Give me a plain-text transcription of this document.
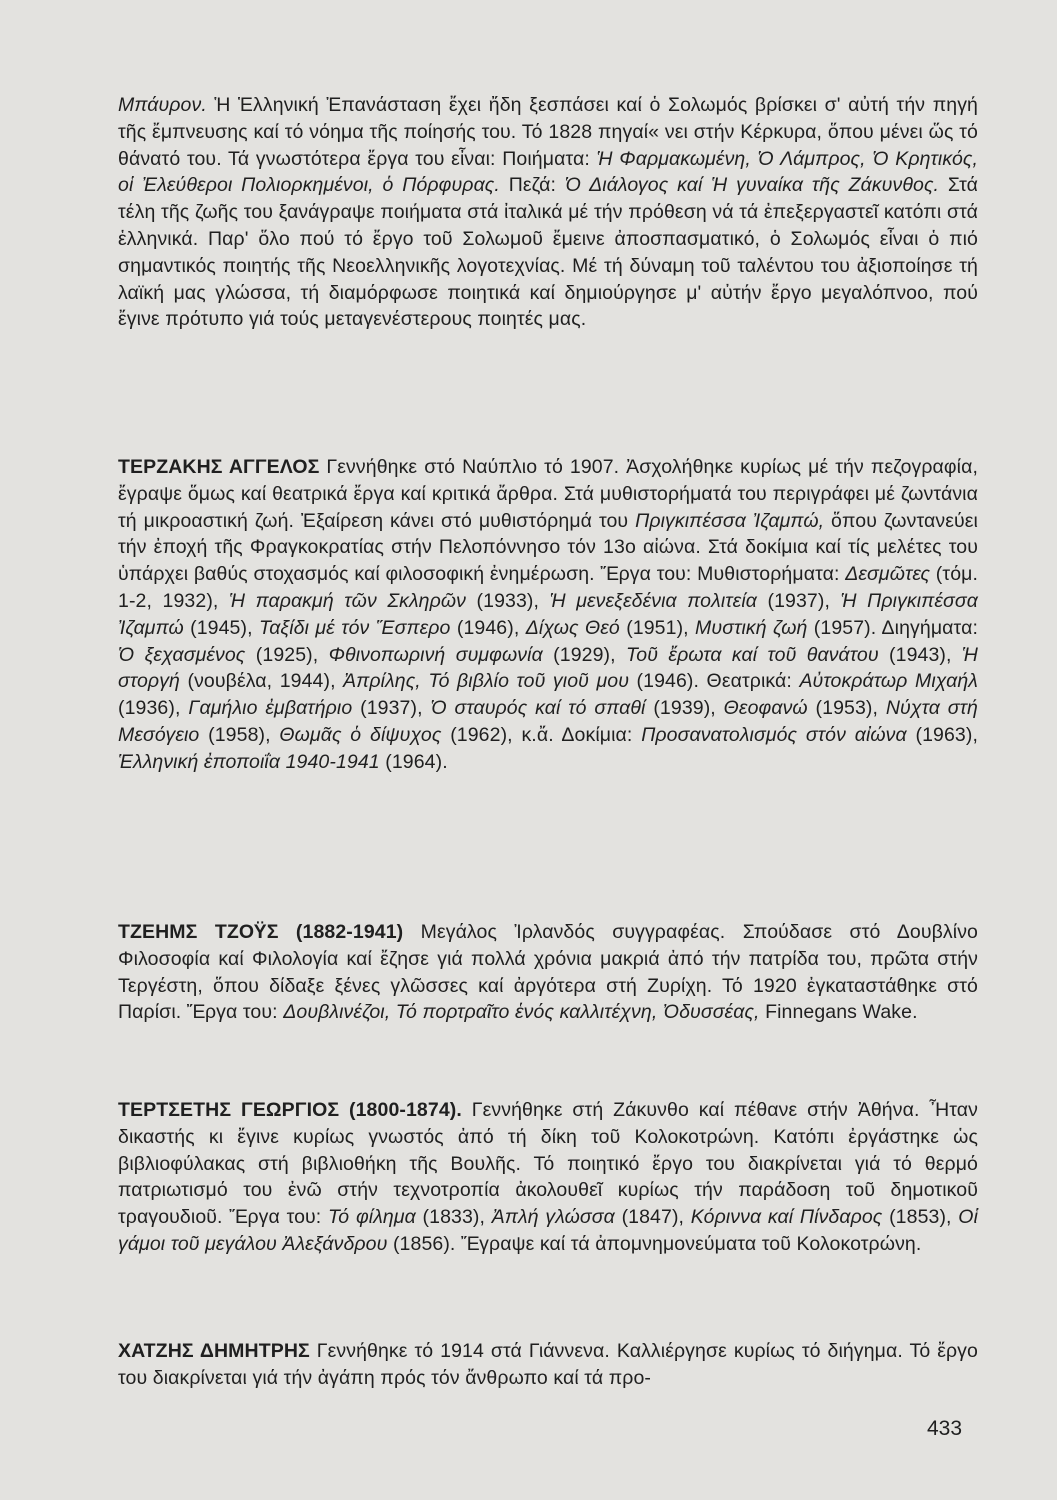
Μπάυρον. Ἡ Ἑλληνική Ἐπανάσταση ἔχει ἤδη ξεσπάσει καί ὁ Σολωμός βρίσκει σ' αὐτή τήν πηγή τῆς ἔμπνευσης καί τό νόημα τῆς ποίησής του. Τό 1828 πηγαί« νει στήν Κέρκυρα, ὅπου μένει ὥς τό θάνατό του. Τά γνωστότερα ἔργα του εἶναι: Ποιήματα: Ἡ Φαρμακωμένη, Ὁ Λάμπρος, Ὁ Κρητικός, οἱ Ἐλεύθεροι Πολιορκημένοι, ὁ Πόρφυρας. Πεζά: Ὁ Διάλογος καί Ἡ γυναίκα τῆς Ζάκυνθος. Στά τέλη τῆς ζωῆς του ξανάγραψε ποιήματα στά ἰταλικά μέ τήν πρόθεση νά τά ἐπεξεργαστεῖ κατόπι στά ἑλληνικά. Παρ' ὅλο πού τό ἔργο τοῦ Σολωμοῦ ἔμεινε ἀποσπασματικό, ὁ Σολωμός εἶναι ὁ πιό σημαντικός ποιητής τῆς Νεοελληνικῆς λογοτεχνίας. Μέ τή δύναμη τοῦ ταλέντου του ἀξιοποίησε τή λαϊκή μας γλώσσα, τή διαμόρφωσε ποιητικά καί δημιούργησε μ' αὐτήν ἔργο μεγαλόπνοο, πού ἔγινε πρότυπο γιά τούς μεταγενέστερους ποιητές μας.
ΤΕΡΖΑΚΗΣ ΑΓΓΕΛΟΣ Γεννήθηκε στό Ναύπλιο τό 1907. Ἀσχολήθηκε κυρίως μέ τήν πεζογραφία, ἔγραψε ὅμως καί θεατρικά ἔργα καί κριτικά ἄρθρα. Στά μυθιστορήματά του περιγράφει μέ ζωντάνια τή μικροαστική ζωή. Ἐξαίρεση κάνει στό μυθιστόρημά του Πριγκιπέσσα Ἰζαμπώ, ὅπου ζωντανεύει τήν ἐποχή τῆς Φραγκοκρατίας στήν Πελοπόννησο τόν 13ο αἰώνα. Στά δοκίμια καί τίς μελέτες του ὑπάρχει βαθύς στοχασμός καί φιλοσοφική ἐνημέρωση. Ἔργα του: Μυθιστορήματα: Δεσμῶτες (τόμ. 1-2, 1932), Ἡ παρακμή τῶν Σκληρῶν (1933), Ἡ μενεξεδένια πολιτεία (1937), Ἡ Πριγκιπέσσα Ἰζαμπώ (1945), Ταξίδι μέ τόν Ἕσπερο (1946), Δίχως Θεό (1951), Μυστική ζωή (1957). Διηγήματα: Ὁ ξεχασμένος (1925), Φθινοπωρινή συμφωνία (1929), Τοῦ ἔρωτα καί τοῦ θανάτου (1943), Ἡ στοργή (νουβέλα, 1944), Ἀπρίλης, Τό βιβλίο τοῦ γιοῦ μου (1946). Θεατρικά: Αὐτοκράτωρ Μιχαήλ (1936), Γαμήλιο ἐμβατήριο (1937), Ὁ σταυρός καί τό σπαθί (1939), Θεοφανώ (1953), Νύχτα στή Μεσόγειο (1958), Θωμᾶς ὁ δίψυχος (1962), κ.ἄ. Δοκίμια: Προσανατολισμός στόν αἰώνα (1963), Ἑλληνική ἐποποιΐα 1940-1941 (1964).
ΤΖΕΗΜΣ ΤΖΟΫΣ (1882-1941) Μεγάλος Ἰρλανδός συγγραφέας. Σπούδασε στό Δουβλίνο Φιλοσοφία καί Φιλολογία καί ἔζησε γιά πολλά χρόνια μακριά ἀπό τήν πατρίδα του, πρῶτα στήν Τεργέστη, ὅπου δίδαξε ξένες γλῶσσες καί ἀργότερα στή Ζυρίχη. Τό 1920 ἐγκαταστάθηκε στό Παρίσι. Ἔργα του: Δουβλινέζοι, Τό πορτραῖτο ἑνός καλλιτέχνη, Ὀδυσσέας, Finnegans Wake.
ΤΕΡΤΣΕΤΗΣ ΓΕΩΡΓΙΟΣ (1800-1874). Γεννήθηκε στή Ζάκυνθο καί πέθανε στήν Ἀθήνα. Ἦταν δικαστής κι ἔγινε κυρίως γνωστός ἀπό τή δίκη τοῦ Κολοκοτρώνη. Κατόπι ἐργάστηκε ὡς βιβλιοφύλακας στή βιβλιοθήκη τῆς Βουλῆς. Τό ποιητικό ἔργο του διακρίνεται γιά τό θερμό πατριωτισμό του ἐνῶ στήν τεχνοτροπία ἀκολουθεῖ κυρίως τήν παράδοση τοῦ δημοτικοῦ τραγουδιοῦ. Ἔργα του: Τό φίλημα (1833), Ἀπλή γλώσσα (1847), Κόριννα καί Πίνδαρος (1853), Οἱ γάμοι τοῦ μεγάλου Ἀλεξάνδρου (1856). Ἔγραψε καί τά ἀπομνημονεύματα τοῦ Κολοκοτρώνη.
ΧΑΤΖΗΣ ΔΗΜΗΤΡΗΣ Γεννήθηκε τό 1914 στά Γιάννενα. Καλλιέργησε κυρίως τό διήγημα. Τό ἔργο του διακρίνεται γιά τήν ἀγάπη πρός τόν ἄνθρωπο καί τά προ-
433
